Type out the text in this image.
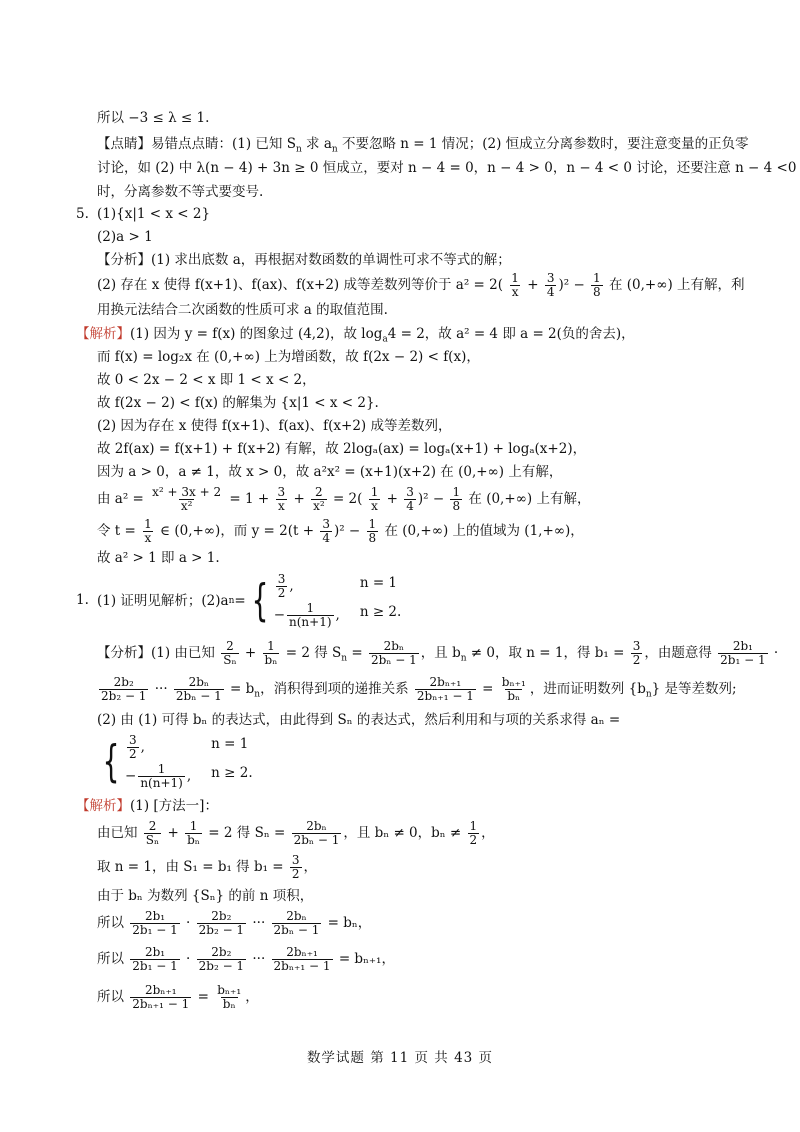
所以 −3 ≤ λ ≤ 1.
【点睛】易错点点睛：(1) 已知 $S_n$ 求 $a_n$ 不要忽略 n = 1 情况；(2) 恒成立分离参数时，要注意变量的正负零
讨论，如 (2) 中 λ(n − 4) + 3n ≥ 0 恒成立，要对 n − 4 = 0，n − 4 > 0，n − 4 < 0 讨论，还要注意 n − 4 <0
时，分离参数不等式要变号.
5. (1){x|1 < x < 2}
(2)a > 1
【分析】(1) 求出底数 a，再根据对数函数的单调性可求不等式的解；
(2) 存在 x 使得 f(x+1)、f(ax)、f(x+2) 成等差数列等价于 $a^2 = 2( \frac{1}{x} + \frac{3}{4} )^2 - \frac{1}{8}$ 在 (0,+∞) 上有解，利
用换元法结合二次函数的性质可求 a 的取值范围.
【解析】(1) 因为 y = f(x) 的图象过 (4,2)，故 $\log_a4 = 2$，故 a² = 4 即 a = 2(负的舍去)，
而 f(x) = log₂x 在 (0,+∞) 上为增函数，故 f(2x − 2) < f(x)，
故 0 < 2x − 2 < x 即 1 < x < 2，
故 f(2x − 2) < f(x) 的解集为 {x|1 < x < 2}.
(2) 因为存在 x 使得 f(x+1)、f(ax)、f(x+2) 成等差数列，
故 2f(ax) = f(x+1) + f(x+2) 有解，故 2logₐ(ax) = logₐ(x+1) + logₐ(x+2)，
因为 a > 0，a ≠ 1，故 x > 0，故 a²x² = (x+1)(x+2) 在 (0,+∞) 上有解，
由 $a^2 = \frac{\text{x² + 3x + 2}}{\text{x²}} = 1 + \frac{3}{x} + \frac{2}{\text{x²}} = 2( \frac{1}{x} + \frac{3}{4} )^2 - \frac{1}{8}$ 在 (0,+∞) 上有解，
令 $t = \frac{1}{x}$ ∈ (0,+∞)，而 $y = 2(t + \frac{3}{4} )^2 - \frac{1}{8}$ 在 (0,+∞) 上的值域为 (1,+∞)，
故 a² > 1 即 a > 1.
1. (1) 证明见解析；(2)a n = { $\frac{3}{2}$ ,	n = 1
− $\frac{1}{n(n+1)}$ , n ≥ 2.
【分析】(1) 由已知 $\frac{2}{\text{Sₙ}} + \frac{1}{\text{bₙ}} = 2$ 得 $S_n = \frac{\text{2bₙ}}{\text{2bₙ − 1}}$ ，且 $b_n \ne 0$，取 n = 1，得 $b_1 = \frac{3}{2}$ ，由题意得 $\frac{\text{2b₁}}{\text{2b₁ − 1}}$ ·
$\frac{\text{2b₂}}{\text{2b₂ − 1}}$ ··· $\frac{\text{2bₙ}}{\text{2bₙ − 1}} = b_n$，消积得到项的递推关系 $\frac{\text{2bₙ₊₁}}{\text{2bₙ₊₁ − 1}} = \frac{\text{bₙ₊₁}}{\text{bₙ}}$ ，进而证明数列 $\{b_n\}$ 是等差数列;
(2) 由 (1) 可得 bₙ 的表达式，由此得到 Sₙ 的表达式，然后利用和与项的关系求得 aₙ =
{ $\frac{3}{2}$ ,	n = 1
− $\frac{1}{n(n+1)}$ , n ≥ 2.
【解析】(1) [方法一]：
由已知 $\frac{2}{\text{Sₙ}} + \frac{1}{\text{bₙ}} = 2$ 得 $S_n = \frac{\text{2bₙ}}{\text{2bₙ − 1}}$ ，且 bₙ ≠ 0，$b_n \ne \frac{1}{2}$ ，
取 n = 1，由 S₁ = b₁ 得 $b_1 = \frac{3}{2}$ ，
由于 bₙ 为数列 {Sₙ} 的前 n 项积，
所以 $\frac{\text{2b₁}}{\text{2b₁ − 1}} \cdot \frac{\text{2b₂}}{\text{2b₂ − 1}}$ ··· $\frac{\text{2bₙ}}{\text{2bₙ − 1}} = b_n$，
所以 $\frac{\text{2b₁}}{\text{2b₁ − 1}} \cdot \frac{\text{2b₂}}{\text{2b₂ − 1}}$ ··· $\frac{\text{2bₙ₊₁}}{\text{2bₙ₊₁ − 1}} = b_{n+1}$，
所以 $\frac{\text{2bₙ₊₁}}{\text{2bₙ₊₁ − 1}} = \frac{\text{bₙ₊₁}}{\text{bₙ}}$ ，
数学试题 第 11 页 共 43 页
